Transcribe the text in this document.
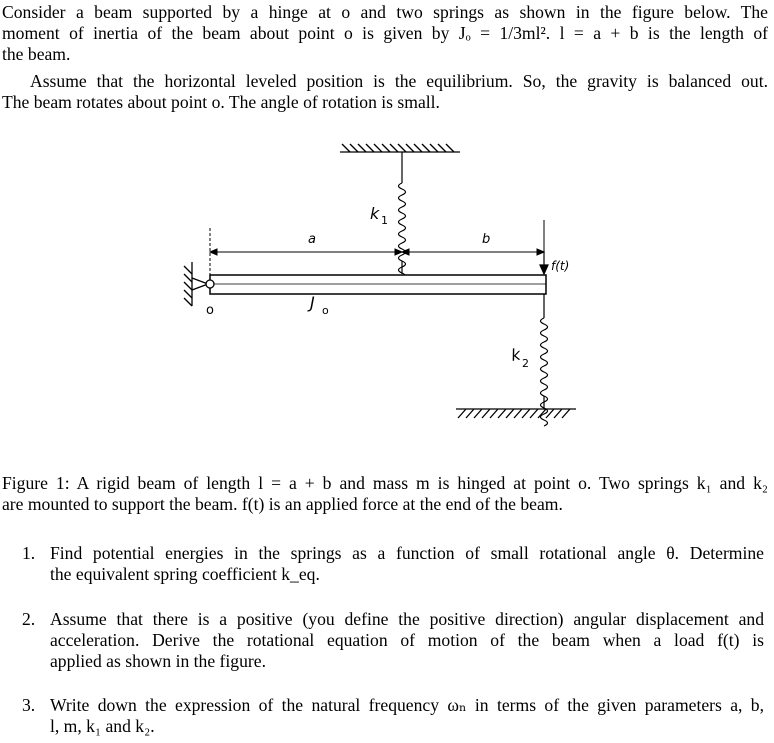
Consider a beam supported by a hinge at o and two springs as shown in the figure below. The
moment of inertia of the beam about point o is given by Jₒ = 1/3ml². l = a + b is the length of
the beam.
Assume that the horizontal leveled position is the equilibrium. So, the gravity is balanced out.
The beam rotates about point o. The angle of rotation is small.
k 1
a	b
f(t)
o	J o
k 2
Figure 1: A rigid beam of length l = a + b and mass m is hinged at point o. Two springs k₁ and k₂
are mounted to support the beam. f(t) is an applied force at the end of the beam.
1. Find potential energies in the springs as a function of small rotational angle θ. Determine
the equivalent spring coefficient k_eq.
2. Assume that there is a positive (you define the positive direction) angular displacement and
acceleration. Derive the rotational equation of motion of the beam when a load f(t) is
applied as shown in the figure.
3. Write down the expression of the natural frequency ωₙ in terms of the given parameters a, b,
l, m, k₁ and k₂.
